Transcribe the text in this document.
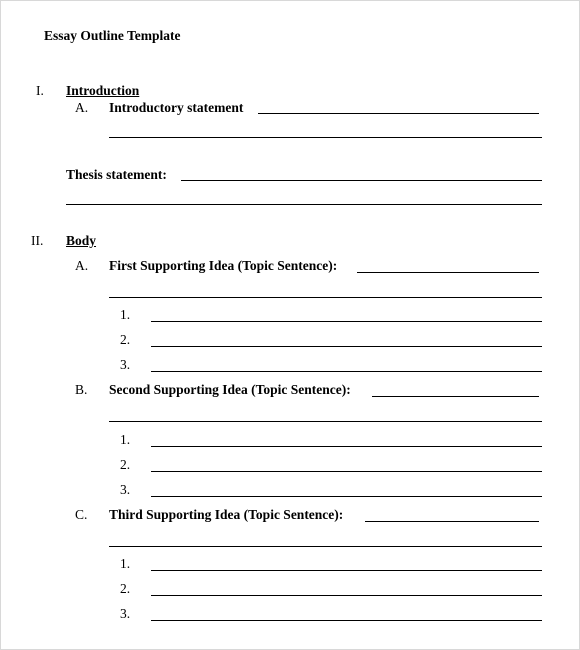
Essay Outline Template
I. Introduction
A. Introductory statement
Thesis statement:
II. Body
A. First Supporting Idea (Topic Sentence):
1.
2.
3.
B. Second Supporting Idea (Topic Sentence):
1.
2.
3.
C. Third Supporting Idea (Topic Sentence):
1.
2.
3.
